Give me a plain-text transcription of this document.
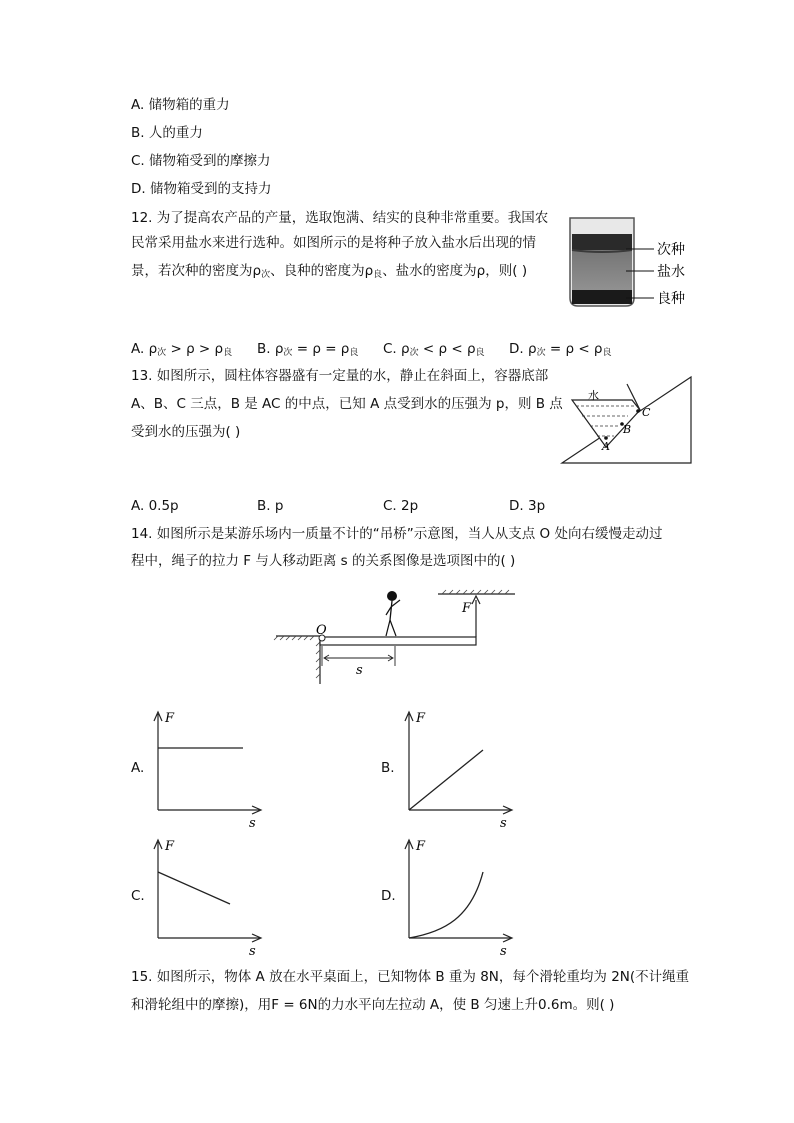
A. 储物箱的重力
B. 人的重力
C. 储物箱受到的摩擦力
D. 储物箱受到的支持力
12. 为了提高农产品的产量，选取饱满、结实的良种非常重要。我国农
民常采用盐水来进行选种。如图所示的是将种子放入盐水后出现的情
景，若次种的密度为$\rho_次$、良种的密度为$\rho_良$、盐水的密度为ρ，则( )
次种
盐水
良种
A. $\rho_次 > \rho > \rho_良$ B. $\rho_次 = \rho = \rho_良$ C. $\rho_次 < \rho < \rho_良$ D. $\rho_次 = \rho < \rho_良$
13. 如图所示，圆柱体容器盛有一定量的水，静止在斜面上，容器底部
A、B、C 三点，B 是 AC 的中点，已知 A 点受到水的压强为 p，则 B 点
受到水的压强为( )
水
A
B
C
A. 0.5p	B. p	C. 2p	D. 3p
14. 如图所示是某游乐场内一质量不计的“吊桥”示意图，当人从支点 O 处向右缓慢走动过
程中，绳子的拉力 F 与人移动距离 s 的关系图像是选项图中的( )
O
F
s
A.
F
s
B.
F
s
C.
F
s
D.
F
s
15. 如图所示，物体 A 放在水平桌面上，已知物体 B 重为 8N，每个滑轮重均为 2N(不计绳重
和滑轮组中的摩擦)，用F = 6N的力水平向左拉动 A，使 B 匀速上升0.6m。则( )
